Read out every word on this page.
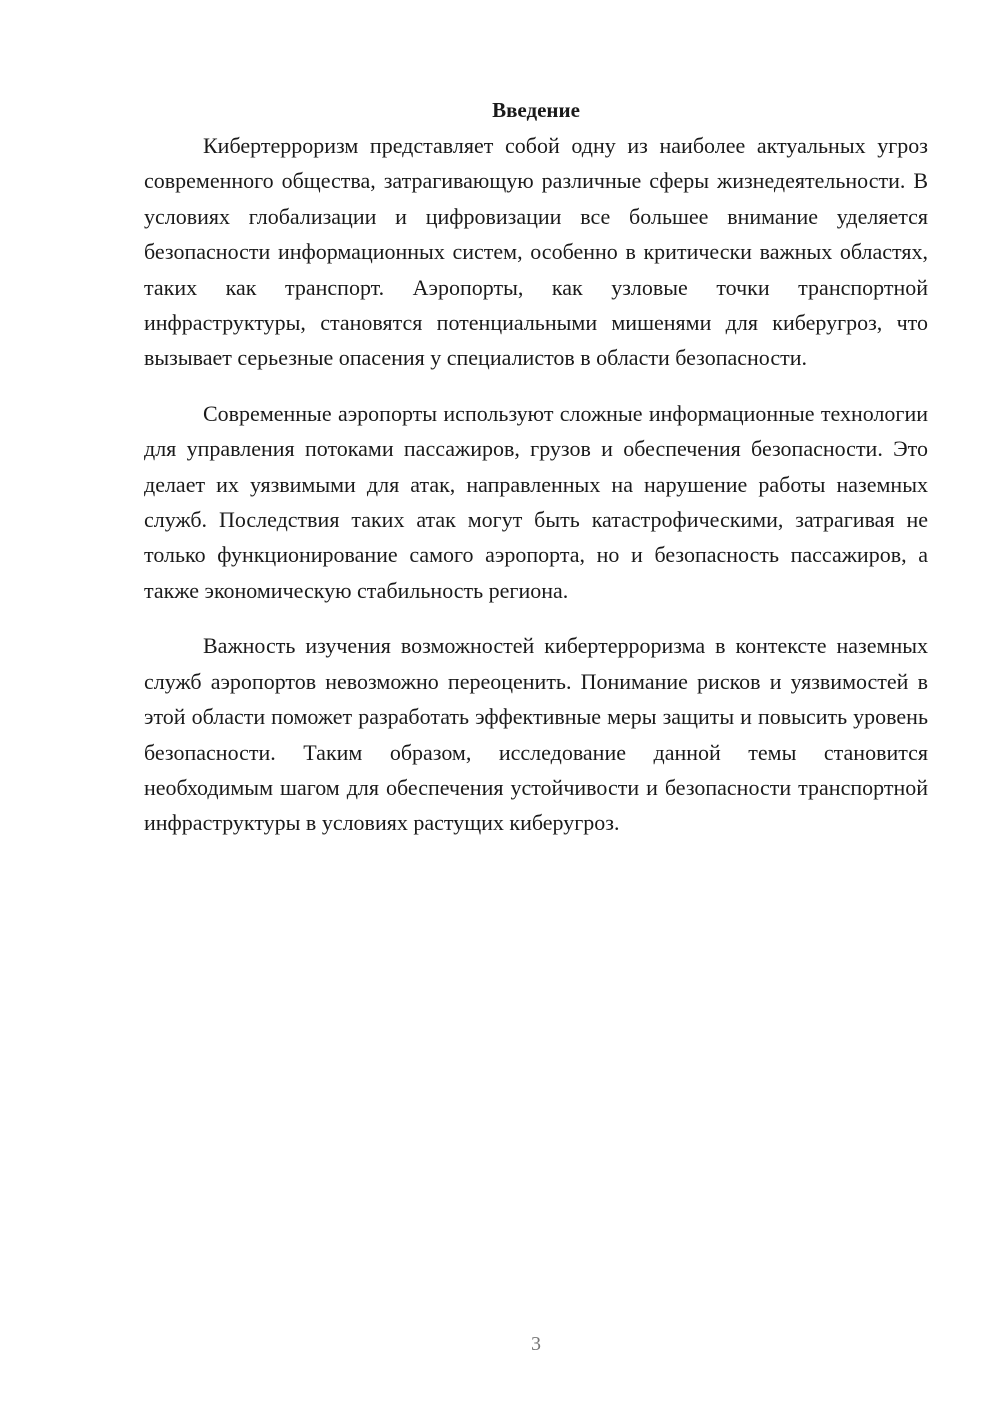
Введение

Кибертерроризм представляет собой одну из наиболее актуальных угроз современного общества, затрагивающую различные сферы жизнедеятельности. В условиях глобализации и цифровизации все большее внимание уделяется безопасности информационных систем, особенно в критически важных областях, таких как транспорт. Аэропорты, как узловые точки транспортной инфраструктуры, становятся потенциальными мишенями для киберугроз, что вызывает серьезные опасения у специалистов в области безопасности.

Современные аэропорты используют сложные информационные технологии для управления потоками пассажиров, грузов и обеспечения безопасности. Это делает их уязвимыми для атак, направленных на нарушение работы наземных служб. Последствия таких атак могут быть катастрофическими, затрагивая не только функционирование самого аэропорта, но и безопасность пассажиров, а также экономическую стабильность региона.

Важность изучения возможностей кибертерроризма в контексте наземных служб аэропортов невозможно переоценить. Понимание рисков и уязвимостей в этой области поможет разработать эффективные меры защиты и повысить уровень безопасности. Таким образом, исследование данной темы становится необходимым шагом для обеспечения устойчивости и безопасности транспортной инфраструктуры в условиях растущих киберугроз.

3
